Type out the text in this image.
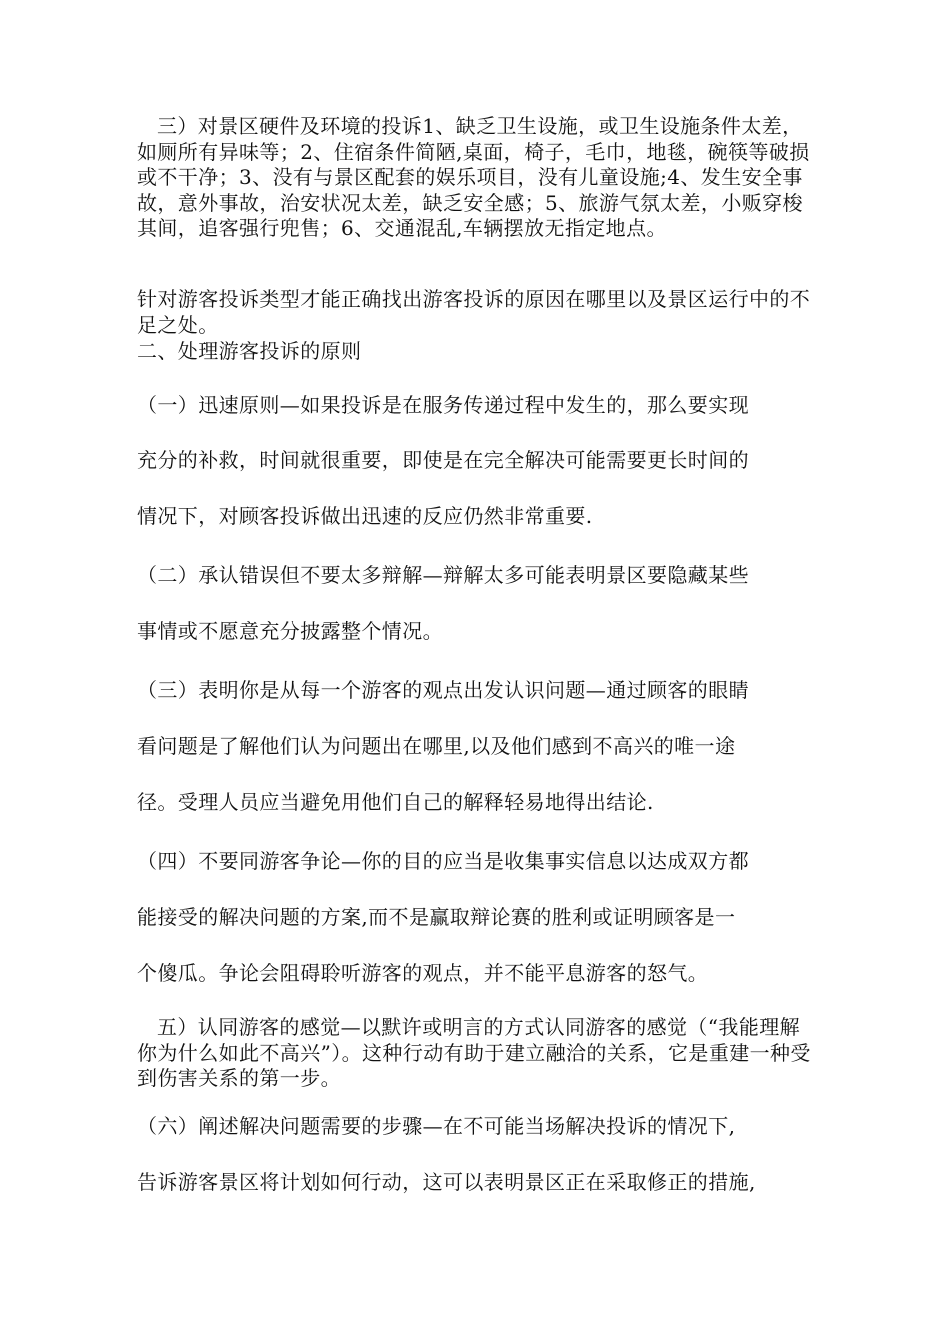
三）对景区硬件及环境的投诉1、缺乏卫生设施，或卫生设施条件太差，如厕所有异味等；2、住宿条件简陋,桌面，椅子，毛巾，地毯，碗筷等破损或不干净；3、没有与景区配套的娱乐项目，没有儿童设施;4、发生安全事故，意外事故，治安状况太差，缺乏安全感；5、旅游气氛太差，小贩穿梭其间，追客强行兜售；6、交通混乱,车辆摆放无指定地点。

针对游客投诉类型才能正确找出游客投诉的原因在哪里以及景区运行中的不足之处。

二、处理游客投诉的原则

（一）迅速原则—如果投诉是在服务传递过程中发生的，那么要实现

充分的补救，时间就很重要，即使是在完全解决可能需要更长时间的

情况下，对顾客投诉做出迅速的反应仍然非常重要.

（二）承认错误但不要太多辩解—辩解太多可能表明景区要隐藏某些

事情或不愿意充分披露整个情况。

（三）表明你是从每一个游客的观点出发认识问题—通过顾客的眼睛

看问题是了解他们认为问题出在哪里,以及他们感到不高兴的唯一途

径。受理人员应当避免用他们自己的解释轻易地得出结论.

（四）不要同游客争论—你的目的应当是收集事实信息以达成双方都

能接受的解决问题的方案,而不是赢取辩论赛的胜利或证明顾客是一

个傻瓜。争论会阻碍聆听游客的观点，并不能平息游客的怒气。

五）认同游客的感觉—以默许或明言的方式认同游客的感觉（“我能理解你为什么如此不高兴”）。这种行动有助于建立融洽的关系，它是重建一种受到伤害关系的第一步。

（六）阐述解决问题需要的步骤—在不可能当场解决投诉的情况下,

告诉游客景区将计划如何行动，这可以表明景区正在采取修正的措施,
